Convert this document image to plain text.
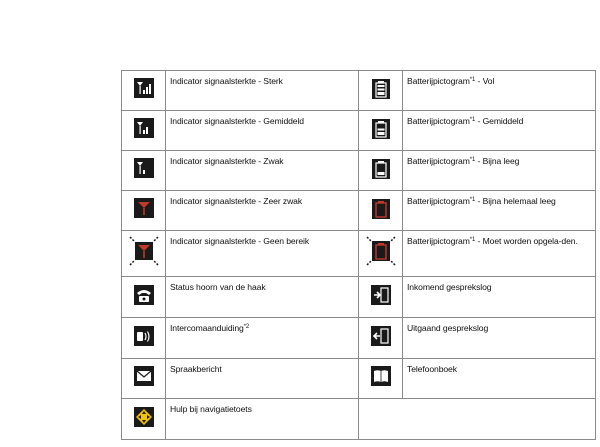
	Indicator signaalsterkte - Sterk		Batterijpictogram$^{*1}$ - Vol

	Indicator signaalsterkte - Gemiddeld		Batterijpictogram$^{*1}$ - Gemiddeld

	Indicator signaalsterkte - Zwak		Batterijpictogram$^{*1}$ - Bijna leeg

	Indicator signaalsterkte - Zeer zwak		Batterijpictogram$^{*1}$ - Bijna helemaal leeg

	Indicator signaalsterkte - Geen bereik		Batterijpictogram$^{*1}$ - Moet worden opgela-den.

	Status hoorn van de haak		Inkomend gesprekslog

	Intercomaanduiding$^{*2}$		Uitgaand gesprekslog

	Spraakbericht		Telefoonboek

	Hulp bij navigatietoets		
